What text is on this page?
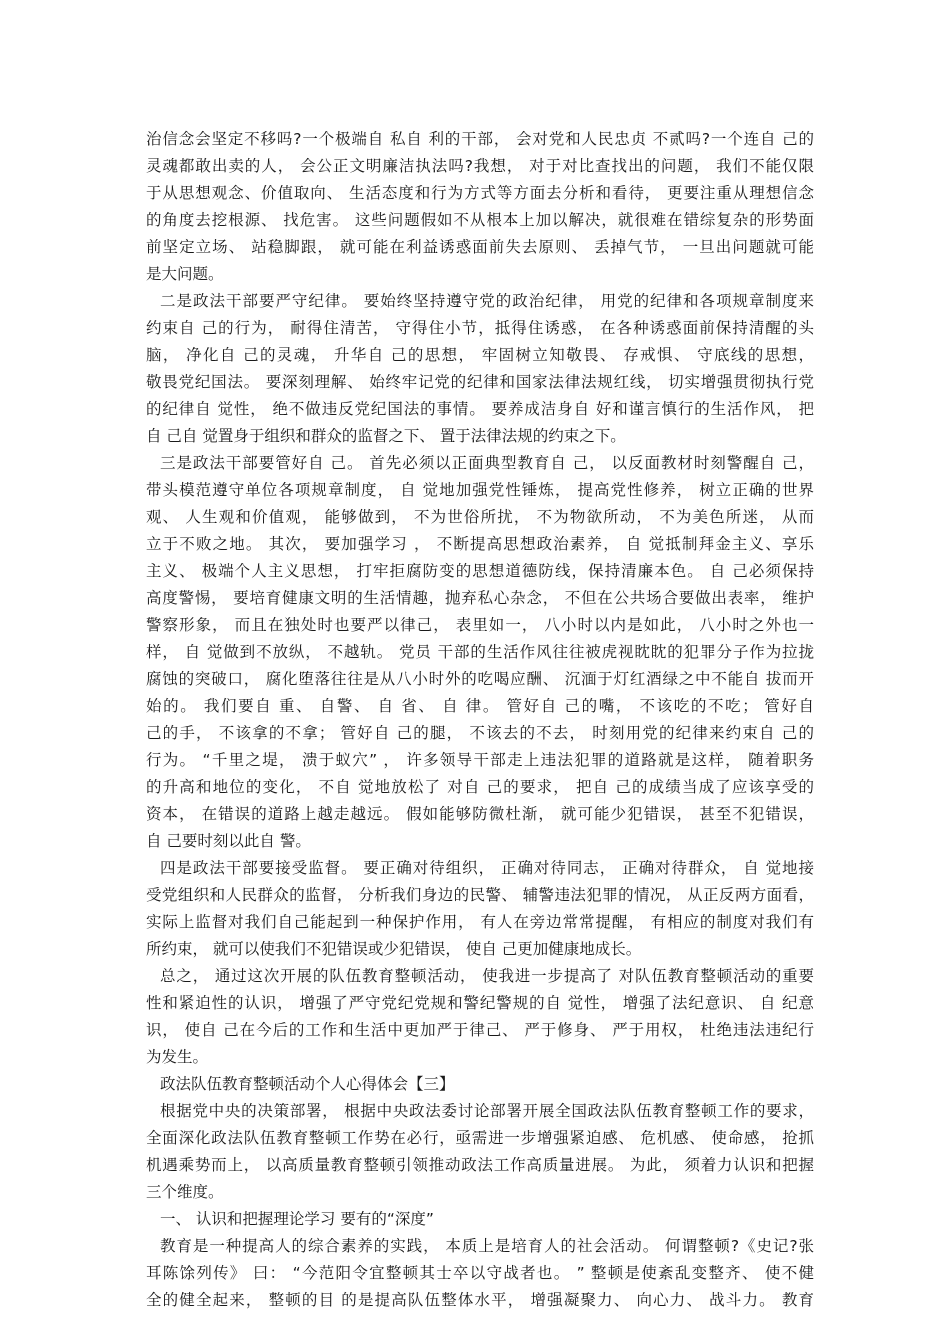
治信念会坚定不移吗?一个极端自 私自 利的干部， 会对党和人民忠贞 不贰吗?一个连自 己的
灵魂都敢出卖的人， 会公正文明廉洁执法吗?我想， 对于对比查找出的问题， 我们不能仅限
于从思想观念、价值取向、 生活态度和行为方式等方面去分析和看待， 更要注重从理想信念
的角度去挖根源、 找危害。 这些问题假如不从根本上加以解决，就很难在错综复杂的形势面
前坚定立场、 站稳脚跟， 就可能在利益诱惑面前失去原则、 丢掉气节， 一旦出问题就可能
是大问题。
二是政法干部要严守纪律。 要始终坚持遵守党的政治纪律， 用党的纪律和各项规章制度来
约束自 己的行为， 耐得住清苦， 守得住小节，抵得住诱惑， 在各种诱惑面前保持清醒的头
脑， 净化自 己的灵魂， 升华自 己的思想， 牢固树立知敬畏、 存戒惧、 守底线的思想，
敬畏党纪国法。 要深刻理解、 始终牢记党的纪律和国家法律法规红线， 切实增强贯彻执行党
的纪律自 觉性， 绝不做违反党纪国法的事情。 要养成洁身自 好和谨言慎行的生活作风， 把
自 己自 觉置身于组织和群众的监督之下、 置于法律法规的约束之下。
三是政法干部要管好自 己。 首先必须以正面典型教育自 己， 以反面教材时刻警醒自 己，
带头模范遵守单位各项规章制度， 自 觉地加强党性锤炼， 提高党性修养， 树立正确的世界
观、 人生观和价值观， 能够做到， 不为世俗所扰， 不为物欲所动， 不为美色所迷， 从而
立于不败之地。 其次， 要加强学习 ， 不断提高思想政治素养， 自 觉抵制拜金主义、享乐
主义、 极端个人主义思想， 打牢拒腐防变的思想道德防线，保持清廉本色。 自 己必须保持
高度警惕， 要培育健康文明的生活情趣，抛弃私心杂念， 不但在公共场合要做出表率， 维护
警察形象， 而且在独处时也要严以律己， 表里如一， 八小时以内是如此， 八小时之外也一
样， 自 觉做到不放纵， 不越轨。 党员 干部的生活作风往往被虎视眈眈的犯罪分子作为拉拢
腐蚀的突破口， 腐化堕落往往是从八小时外的吃喝应酬、 沉湎于灯红酒绿之中不能自 拔而开
始的。 我们要自 重、 自警、 自 省、 自 律。 管好自 己的嘴， 不该吃的不吃； 管好自
己的手， 不该拿的不拿； 管好自 己的腿， 不该去的不去， 时刻用党的纪律来约束自 己的
行为。 “千里之堤， 溃于蚁穴” ， 许多领导干部走上违法犯罪的道路就是这样， 随着职务
的升高和地位的变化， 不自 觉地放松了 对自 己的要求， 把自 己的成绩当成了应该享受的
资本， 在错误的道路上越走越远。 假如能够防微杜渐， 就可能少犯错误， 甚至不犯错误，
自 己要时刻以此自 警。
四是政法干部要接受监督。 要正确对待组织， 正确对待同志， 正确对待群众， 自 觉地接
受党组织和人民群众的监督， 分析我们身边的民警、 辅警违法犯罪的情况， 从正反两方面看，
实际上监督对我们自己能起到一种保护作用， 有人在旁边常常提醒， 有相应的制度对我们有
所约束， 就可以使我们不犯错误或少犯错误， 使自 己更加健康地成长。
总之， 通过这次开展的队伍教育整顿活动， 使我进一步提高了 对队伍教育整顿活动的重要
性和紧迫性的认识， 增强了严守党纪党规和警纪警规的自 觉性， 增强了法纪意识、 自 纪意
识， 使自 己在今后的工作和生活中更加严于律己、 严于修身、 严于用权， 杜绝违法违纪行
为发生。
政法队伍教育整顿活动个人心得体会【三】
根据党中央的决策部署， 根据中央政法委讨论部署开展全国政法队伍教育整顿工作的要求，
全面深化政法队伍教育整顿工作势在必行，亟需进一步增强紧迫感、 危机感、 使命感， 抢抓
机遇乘势而上， 以高质量教育整顿引领推动政法工作高质量进展。 为此， 须着力认识和把握
三个维度。
一、 认识和把握理论学习 要有的“深度”
教育是一种提高人的综合素养的实践， 本质上是培育人的社会活动。 何谓整顿?《史记?张
耳陈馀列传》 曰： “今范阳令宜整顿其士卒以守战者也。 ” 整顿是使紊乱变整齐、 使不健
全的健全起来， 整顿的目 的是提高队伍整体水平， 增强凝聚力、 向心力、 战斗力。 教育
